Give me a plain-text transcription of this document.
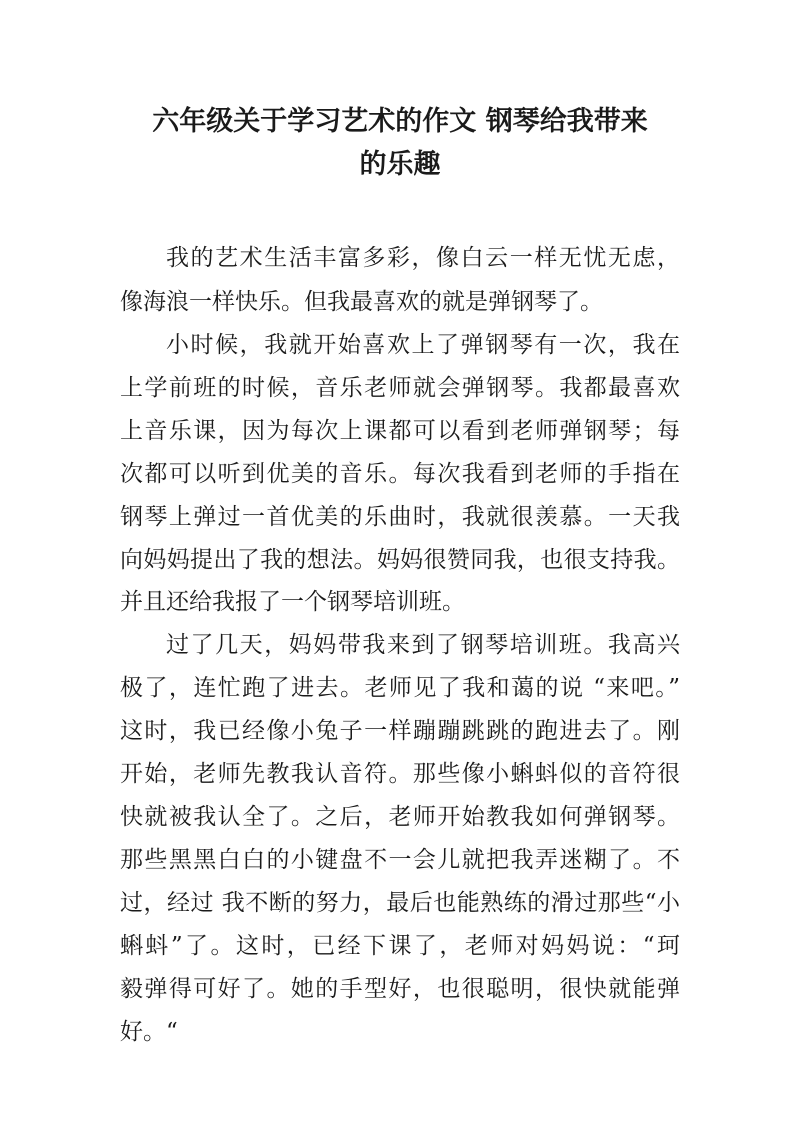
六年级关于学习艺术的作文 钢琴给我带来
的乐趣
我的艺术生活丰富多彩，像白云一样无忧无虑，
像海浪一样快乐。但我最喜欢的就是弹钢琴了。
小时候，我就开始喜欢上了弹钢琴有一次，我在
上学前班的时候，音乐老师就会弹钢琴。我都最喜欢
上音乐课，因为每次上课都可以看到老师弹钢琴；每
次都可以听到优美的音乐。每次我看到老师的手指在
钢琴上弹过一首优美的乐曲时，我就很羡慕。一天我
向妈妈提出了我的想法。妈妈很赞同我，也很支持我。
并且还给我报了一个钢琴培训班。
过了几天，妈妈带我来到了钢琴培训班。我高兴
极了，连忙跑了进去。老师见了我和蔼的说 “来吧。”
这时，我已经像小兔子一样蹦蹦跳跳的跑进去了。刚
开始，老师先教我认音符。那些像小蝌蚪似的音符很
快就被我认全了。之后，老师开始教我如何弹钢琴。
那些黑黑白白的小键盘不一会儿就把我弄迷糊了。不
过，经过 我不断的努力，最后也能熟练的滑过那些“小
蝌蚪”了。这时，已经下课了，老师对妈妈说：“珂
毅弹得可好了。她的手型好，也很聪明，很快就能弹
好。“
